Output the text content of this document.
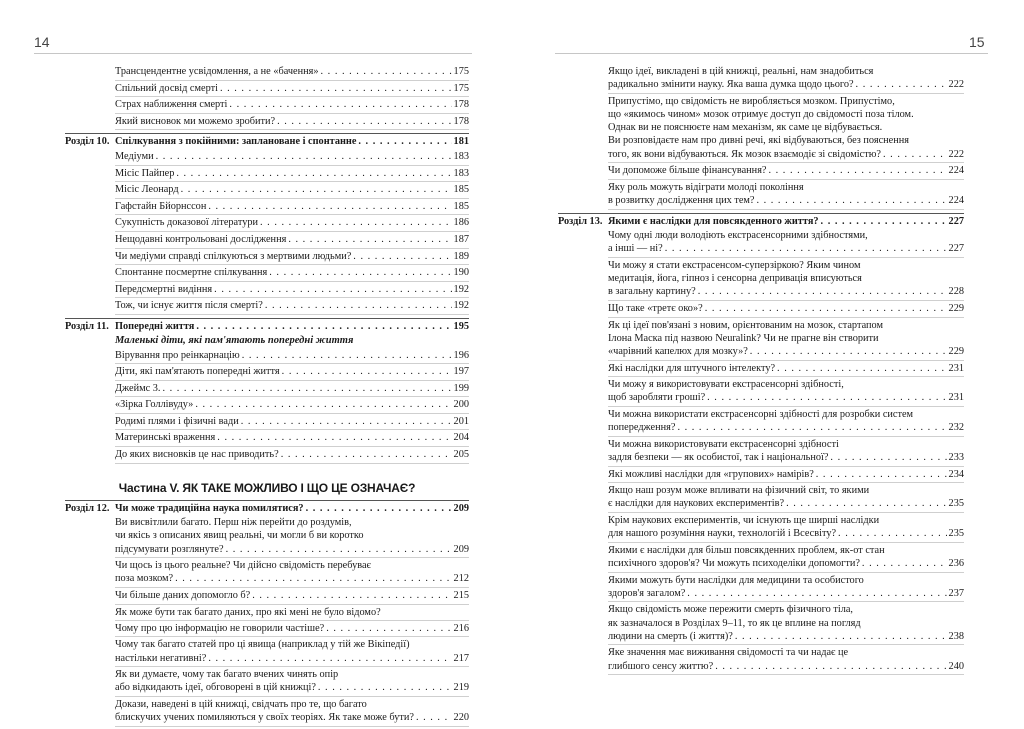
14	15
Трансцендентне усвідомлення, а не «бачення» . . .	175
Спільний досвід смерті . . .	175
Страх наближення смерті . . .	178
Який висновок ми можемо зробити? . . .	178
Розділ 10. Спілкування з покійними: заплановане і спонтанне . . .	181
Медіуми . . .	183
Місіс Пайпер . . .	183
Місіс Леонард . . .	185
Гафстайн Бйорнссон . . .	185
Сукупність доказової літератури . . .	186
Нещодавні контрольовані дослідження . . .	187
Чи медіуми справді спілкуються з мертвими людьми? . . .	189
Спонтанне посмертне спілкування . . .	190
Передсмертні видіння . . .	192
Тож, чи існує життя після смерті? . . .	192
Розділ 11. Попередні життя . . .	195
Маленькі діти, які пам'ятають попередні життя
Вірування про реінкарнацію . . .	196
Діти, які пам'ятають попередні життя . . .	197
Джеймс 3. . . .	199
«Зірка Голлівуду» . . .	200
Родимі плями і фізичні вади . . .	201
Материнські враження . . .	204
До яких висновків це нас приводить? . . .	205
Частина V. ЯК ТАКЕ МОЖЛИВО І ЩО ЦЕ ОЗНАЧАЄ?
Розділ 12. Чи може традиційна наука помилятися? . . .	209
Ви висвітлили багато. Перш ніж перейти до роздумів,
чи якісь з описаних явищ реальні, чи могли б ви коротко
підсумувати розглянуте? . . .	209
Чи щось із цього реальне? Чи дійсно свідомість перебуває
поза мозком? . . .	212
Чи більше даних допомогло б? . . .	215
Як може бути так багато даних, про які мені не було відомо?
Чому про цю інформацію не говорили частіше? . . .	216
Чому так багато статей про ці явища (наприклад у тій же Вікіпедії)
настільки негативні? . . .	217
Як ви думаєте, чому так багато вчених чинять опір
або відкидають ідеї, обговорені в цій книжці? . . .	219
Докази, наведені в цій книжці, свідчать про те, що багато
блискучих учених помиляються у своїх теоріях. Як таке може бути? . . .	220
Якщо ідеї, викладені в цій книжці, реальні, нам знадобиться
радикально змінити науку. Яка ваша думка щодо цього? . . .	222
Припустімо, що свідомість не виробляється мозком. Припустімо,
що «якимось чином» мозок отримує доступ до свідомості поза тілом.
Однак ви не пояснюєте нам механізм, як саме це відбувається.
Ви розповідаєте нам про дивні речі, які відбуваються, без пояснення
того, як вони відбуваються. Як мозок взаємодіє зі свідомістю? . . .	222
Чи допоможе більше фінансування? . . .	224
Яку роль можуть відіграти молоді покоління
в розвитку дослідження цих тем? . . .	224
Розділ 13. Якими є наслідки для повсякденного життя? . . .	227
Чому одні люди володіють екстрасенсорними здібностями,
а інші — ні? . . .	227
Чи можу я стати екстрасенсом-суперзіркою? Яким чином
медитація, йога, гіпноз і сенсорна депривація вписуються
в загальну картину? . . .	228
Що таке «третє око»? . . .	229
Як ці ідеї пов'язані з новим, орієнтованим на мозок, стартапом
Ілона Маска під назвою Neuralink? Чи не прагне він створити
«чарівний капелюх для мозку»? . . .	229
Які наслідки для штучного інтелекту? . . .	231
Чи можу я використовувати екстрасенсорні здібності,
щоб заробляти гроші? . . .	231
Чи можна використати екстрасенсорні здібності для розробки систем
попередження? . . .	232
Чи можна використовувати екстрасенсорні здібності
задля безпеки — як особистої, так і національної? . . .	233
Які можливі наслідки для «групових» намірів? . . .	234
Якщо наш розум може впливати на фізичний світ, то якими
є наслідки для наукових експериментів? . . .	235
Крім наукових експериментів, чи існують ще ширші наслідки
для нашого розуміння науки, технологій і Всесвіту? . . .	235
Якими є наслідки для більш повсякденних проблем, як-от стан
психічного здоров'я? Чи можуть психоделіки допомогти? . . .	236
Якими можуть бути наслідки для медицини та особистого
здоров'я загалом? . . .	237
Якщо свідомість може пережити смерть фізичного тіла,
як зазначалося в Розділах 9–11, то як це вплине на погляд
людини на смерть (і життя)? . . .	238
Яке значення має виживання свідомості та чи надає це
глибшого сенсу життю? . . .	240
